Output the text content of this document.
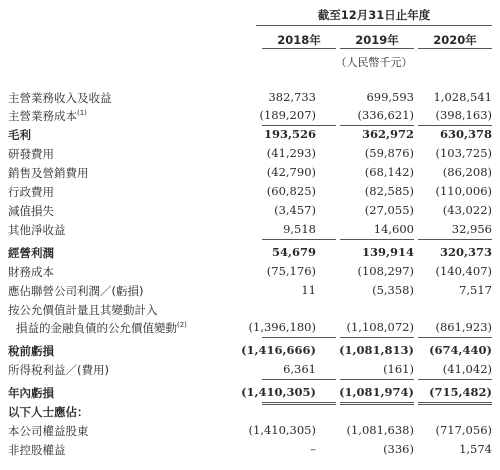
截至12月31日止年度
2018年	2019年	2020年
（人民幣千元）
主營業務收入及收益	382,733	699,593	1,028,541
主營業務成本$^{(1)}$	(189,207)	(336,621)	(398,163)
毛利	193,526	362,972	630,378
研發費用	(41,293)	(59,876)	(103,725)
銷售及營銷費用	(42,790)	(68,142)	(86,208)
行政費用	(60,825)	(82,585)	(110,006)
減值損失	(3,457)	(27,055)	(43,022)
其他淨收益	9,518	14,600	32,956
經營利潤	54,679	139,914	320,373
財務成本	(75,176)	(108,297)	(140,407)
應佔聯營公司利潤／(虧損)	11	(5,358)	7,517
按公允價值計量且其變動計入
損益的金融負債的公允價值變動$^{(2)}$	(1,396,180)	(1,108,072)	(861,923)
稅前虧損	(1,416,666)	(1,081,813)	(674,440)
所得稅利益／(費用)	6,361	(161)	(41,042)
年內虧損	(1,410,305)	(1,081,974)	(715,482)
以下人士應佔：
本公司權益股東	(1,410,305)	(1,081,638)	(717,056)
非控股權益	–	(336)	1,574
